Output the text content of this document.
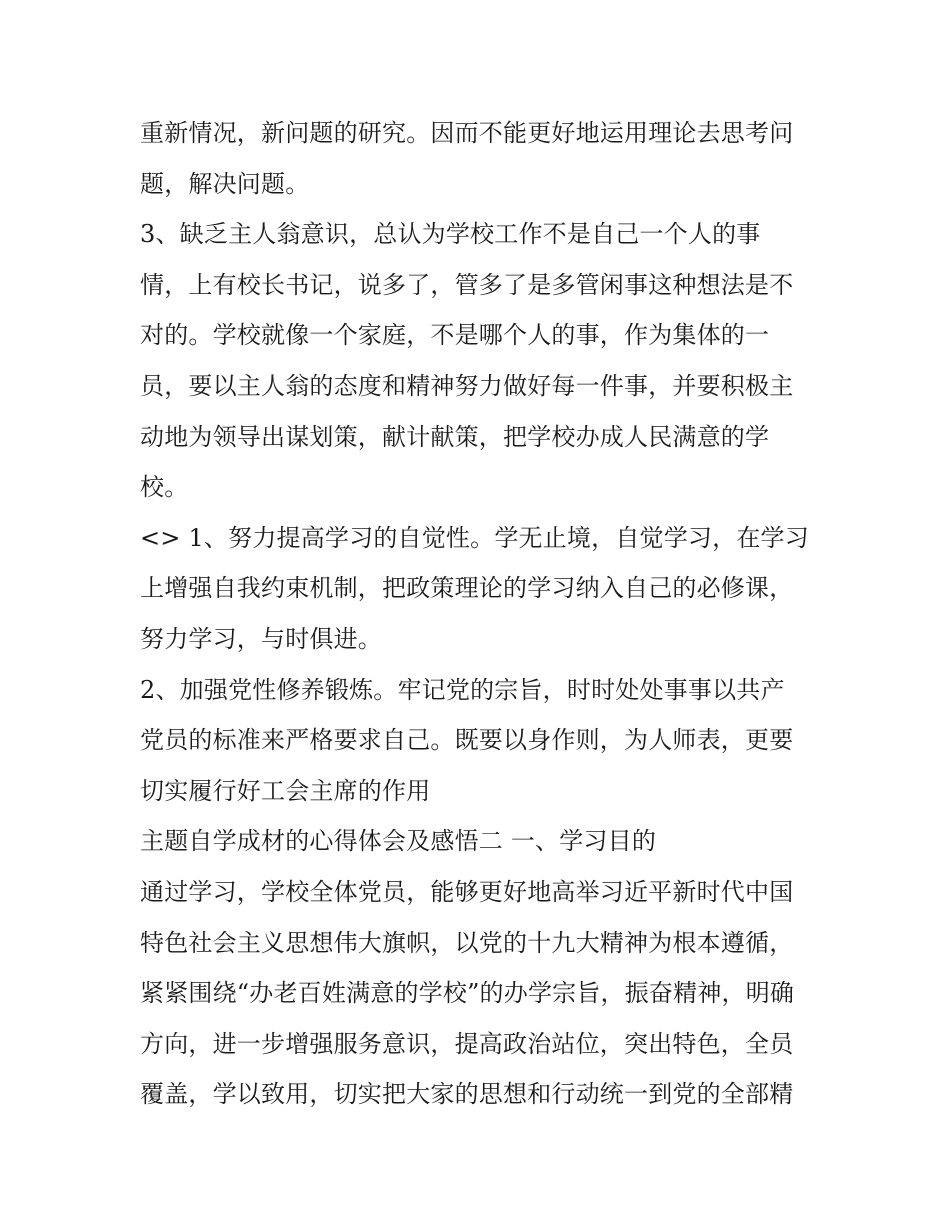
重新情况，新问题的研究。因而不能更好地运用理论去思考问
题，解决问题。
3、缺乏主人翁意识，总认为学校工作不是自己一个人的事
情，上有校长书记，说多了，管多了是多管闲事这种想法是不
对的。学校就像一个家庭，不是哪个人的事，作为集体的一
员，要以主人翁的态度和精神努力做好每一件事，并要积极主
动地为领导出谋划策，献计献策，把学校办成人民满意的学
校。
<> 1、努力提高学习的自觉性。学无止境，自觉学习，在学习
上增强自我约束机制，把政策理论的学习纳入自己的必修课，
努力学习，与时俱进。
2、加强党性修养锻炼。牢记党的宗旨，时时处处事事以共产
党员的标准来严格要求自己。既要以身作则，为人师表，更要
切实履行好工会主席的作用
主题自学成材的心得体会及感悟二 一、学习目的
通过学习，学校全体党员，能够更好地高举习近平新时代中国
特色社会主义思想伟大旗帜，以党的十九大精神为根本遵循，
紧紧围绕“办老百姓满意的学校”的办学宗旨，振奋精神，明确
方向，进一步增强服务意识，提高政治站位，突出特色，全员
覆盖，学以致用，切实把大家的思想和行动统一到党的全部精
